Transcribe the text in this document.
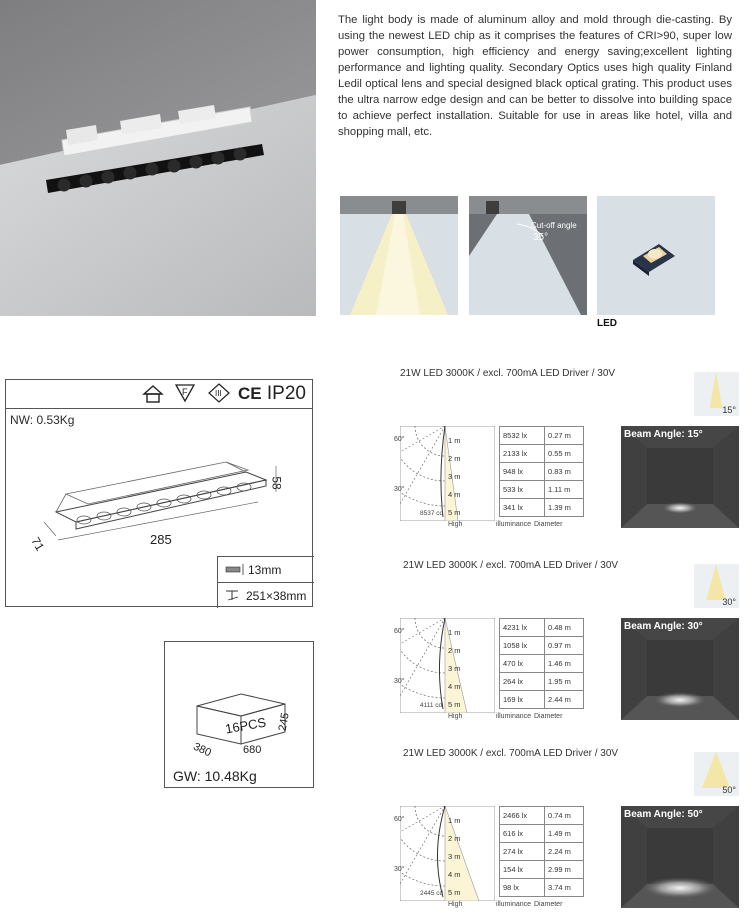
The light body is made of aluminum alloy and mold through die-casting. By using the newest LED chip as it comprises the features of CRI>90, super low power consumption, high efficiency and energy saving;excellent lighting performance and lighting quality. Secondary Optics uses high quality Finland Ledil optical lens and special designed black optical grating. This product uses the ultra narrow edge design and can be better to dissolve into building space to achieve perfect installation. Suitable for use in areas like hotel, villa and shopping mall, etc.

Cut-off angle
35°
LED
F	III CE IP20
NW: 0.53Kg
285
71
58
13mm
251×38mm
16PCS
380	680
245
GW: 10.48Kg
21W LED 3000K / excl. 700mA LED Driver / 30V
15°
60°
30°
8537 cd
1 m	8532 lx	0.27 m
2 m	2133 lx	0.55 m
3 m	948 lx	0.83 m
4 m	533 lx	1.11 m
5 m	341 lx	1.39 m
High	illuminance Diameter
Beam Angle: 15°
21W LED 3000K / excl. 700mA LED Driver / 30V
30°
60°
30°
4111 cd
1 m	4231 lx	0.48 m
2 m	1058 lx	0.97 m
3 m	470 lx	1.46 m
4 m	264 lx	1.95 m
5 m	169 lx	2.44 m
High	illuminance Diameter
Beam Angle: 30°
21W LED 3000K / excl. 700mA LED Driver / 30V
50°
60°
30°
2445 cd
1 m	2466 lx	0.74 m
2 m	616 lx	1.49 m
3 m	274 lx	2.24 m
4 m	154 lx	2.99 m
5 m	98 lx	3.74 m
High	illuminance Diameter
Beam Angle: 50°
